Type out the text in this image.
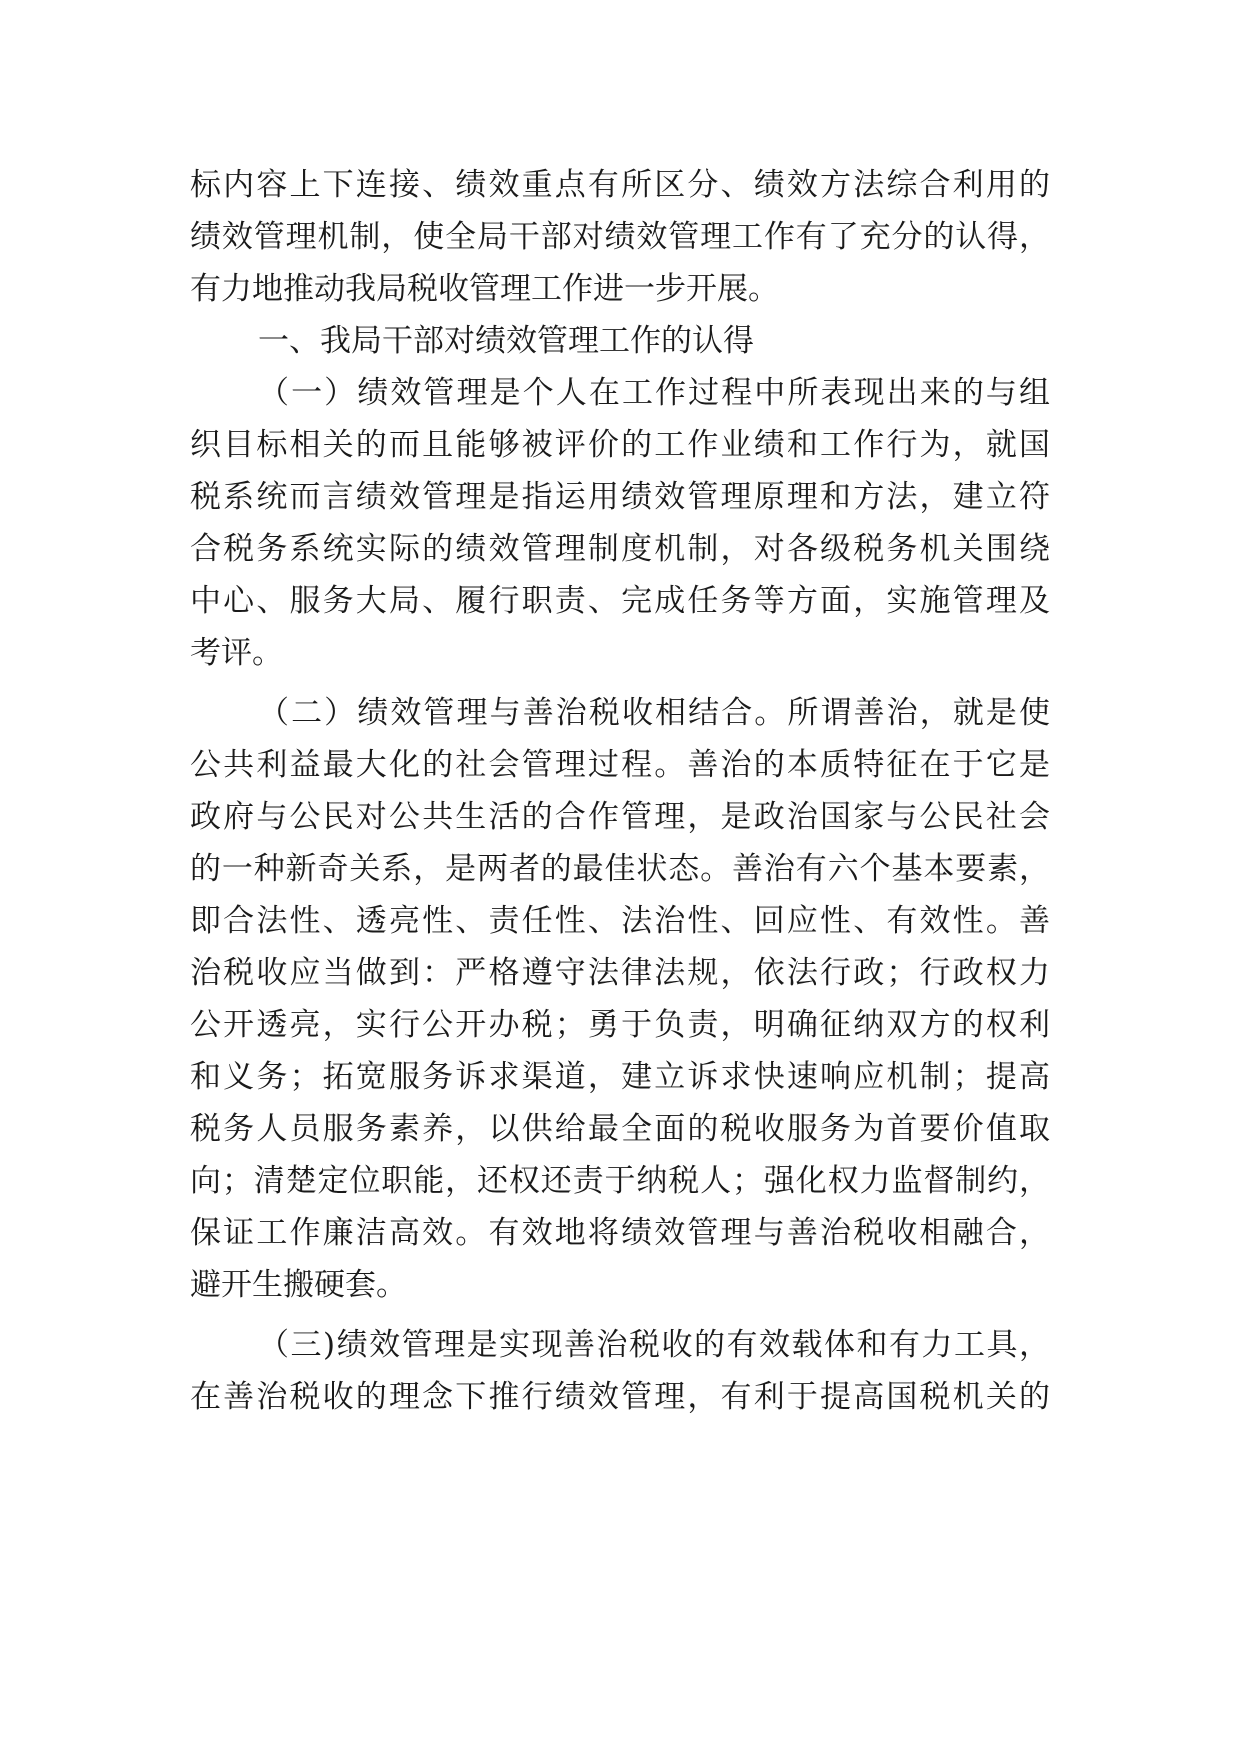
标内容上下连接、绩效重点有所区分、绩效方法综合利用的
绩效管理机制，使全局干部对绩效管理工作有了充分的认得，
有力地推动我局税收管理工作进一步开展。
一、我局干部对绩效管理工作的认得
（一）绩效管理是个人在工作过程中所表现出来的与组
织目标相关的而且能够被评价的工作业绩和工作行为，就国
税系统而言绩效管理是指运用绩效管理原理和方法，建立符
合税务系统实际的绩效管理制度机制，对各级税务机关围绕
中心、服务大局、履行职责、完成任务等方面，实施管理及
考评。
（二）绩效管理与善治税收相结合。所谓善治，就是使
公共利益最大化的社会管理过程。善治的本质特征在于它是
政府与公民对公共生活的合作管理，是政治国家与公民社会
的一种新奇关系，是两者的最佳状态。善治有六个基本要素，
即合法性、透亮性、责任性、法治性、回应性、有效性。善
治税收应当做到：严格遵守法律法规，依法行政；行政权力
公开透亮，实行公开办税；勇于负责，明确征纳双方的权利
和义务；拓宽服务诉求渠道，建立诉求快速响应机制；提高
税务人员服务素养，以供给最全面的税收服务为首要价值取
向；清楚定位职能，还权还责于纳税人；强化权力监督制约，
保证工作廉洁高效。有效地将绩效管理与善治税收相融合，
避开生搬硬套。
（三)绩效管理是实现善治税收的有效载体和有力工具，
在善治税收的理念下推行绩效管理，有利于提高国税机关的
